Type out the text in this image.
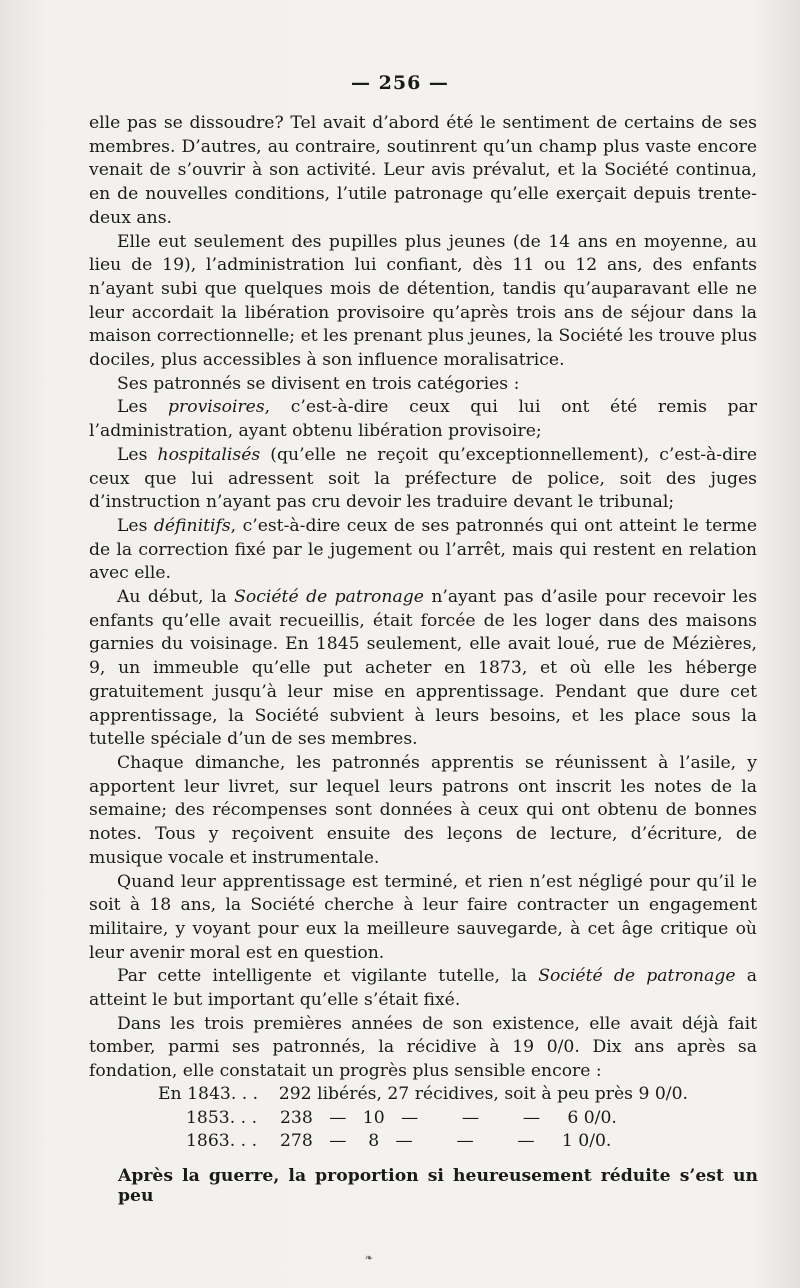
— 256 —

elle pas se dissoudre? Tel avait d’abord été le sentiment de certains de ses membres. D’autres, au contraire, soutinrent qu’un champ plus vaste encore venait de s’ouvrir à son activité. Leur avis prévalut, et la Société continua, en de nouvelles conditions, l’utile patronage qu’elle exerçait depuis trente-deux ans.

Elle eut seulement des pupilles plus jeunes (de 14 ans en moyenne, au lieu de 19), l’administration lui confiant, dès 11 ou 12 ans, des enfants n’ayant subi que quelques mois de détention, tandis qu’auparavant elle ne leur accordait la libération provisoire qu’après trois ans de séjour dans la maison correctionnelle; et les prenant plus jeunes, la Société les trouve plus dociles, plus accessibles à son influence moralisatrice.

Ses patronnés se divisent en trois catégories :

Les provisoires, c’est-à-dire ceux qui lui ont été remis par l’administration, ayant obtenu libération provisoire;

Les hospitalisés (qu’elle ne reçoit qu’exceptionnellement), c’est-à-dire ceux que lui adressent soit la préfecture de police, soit des juges d’instruction n’ayant pas cru devoir les traduire devant le tribunal;

Les définitifs, c’est-à-dire ceux de ses patronnés qui ont atteint le terme de la correction fixé par le jugement ou l’arrêt, mais qui restent en relation avec elle.

Au début, la Société de patronage n’ayant pas d’asile pour recevoir les enfants qu’elle avait recueillis, était forcée de les loger dans des maisons garnies du voisinage. En 1845 seulement, elle avait loué, rue de Mézières, 9, un immeuble qu’elle put acheter en 1873, et où elle les héberge gratuitement jusqu’à leur mise en apprentissage. Pendant que dure cet apprentissage, la Société subvient à leurs besoins, et les place sous la tutelle spéciale d’un de ses membres.

Chaque dimanche, les patronnés apprentis se réunissent à l’asile, y apportent leur livret, sur lequel leurs patrons ont inscrit les notes de la semaine; des récompenses sont données à ceux qui ont obtenu de bonnes notes. Tous y reçoivent ensuite des leçons de lecture, d’écriture, de musique vocale et instrumentale.

Quand leur apprentissage est terminé, et rien n’est négligé pour qu’il le soit à 18 ans, la Société cherche à leur faire contracter un engagement militaire, y voyant pour eux la meilleure sauvegarde, à cet âge critique où leur avenir moral est en question.

Par cette intelligente et vigilante tutelle, la Société de patronage a atteint le but important qu’elle s’était fixé.

Dans les trois premières années de son existence, elle avait déjà fait tomber, parmi ses patronnés, la récidive à 19 0/0. Dix ans après sa fondation, elle constatait un progrès plus sensible encore :

En 1843. . .	292 libérés, 27 récidives, soit à peu près 9 0/0.
1853. . .	238   —   10   —        —        —     6 0/0.
1863. . .	278   —    8   —        —        —     1 0/0.
Après la guerre, la proportion si heureusement réduite s’est un peu
❧
